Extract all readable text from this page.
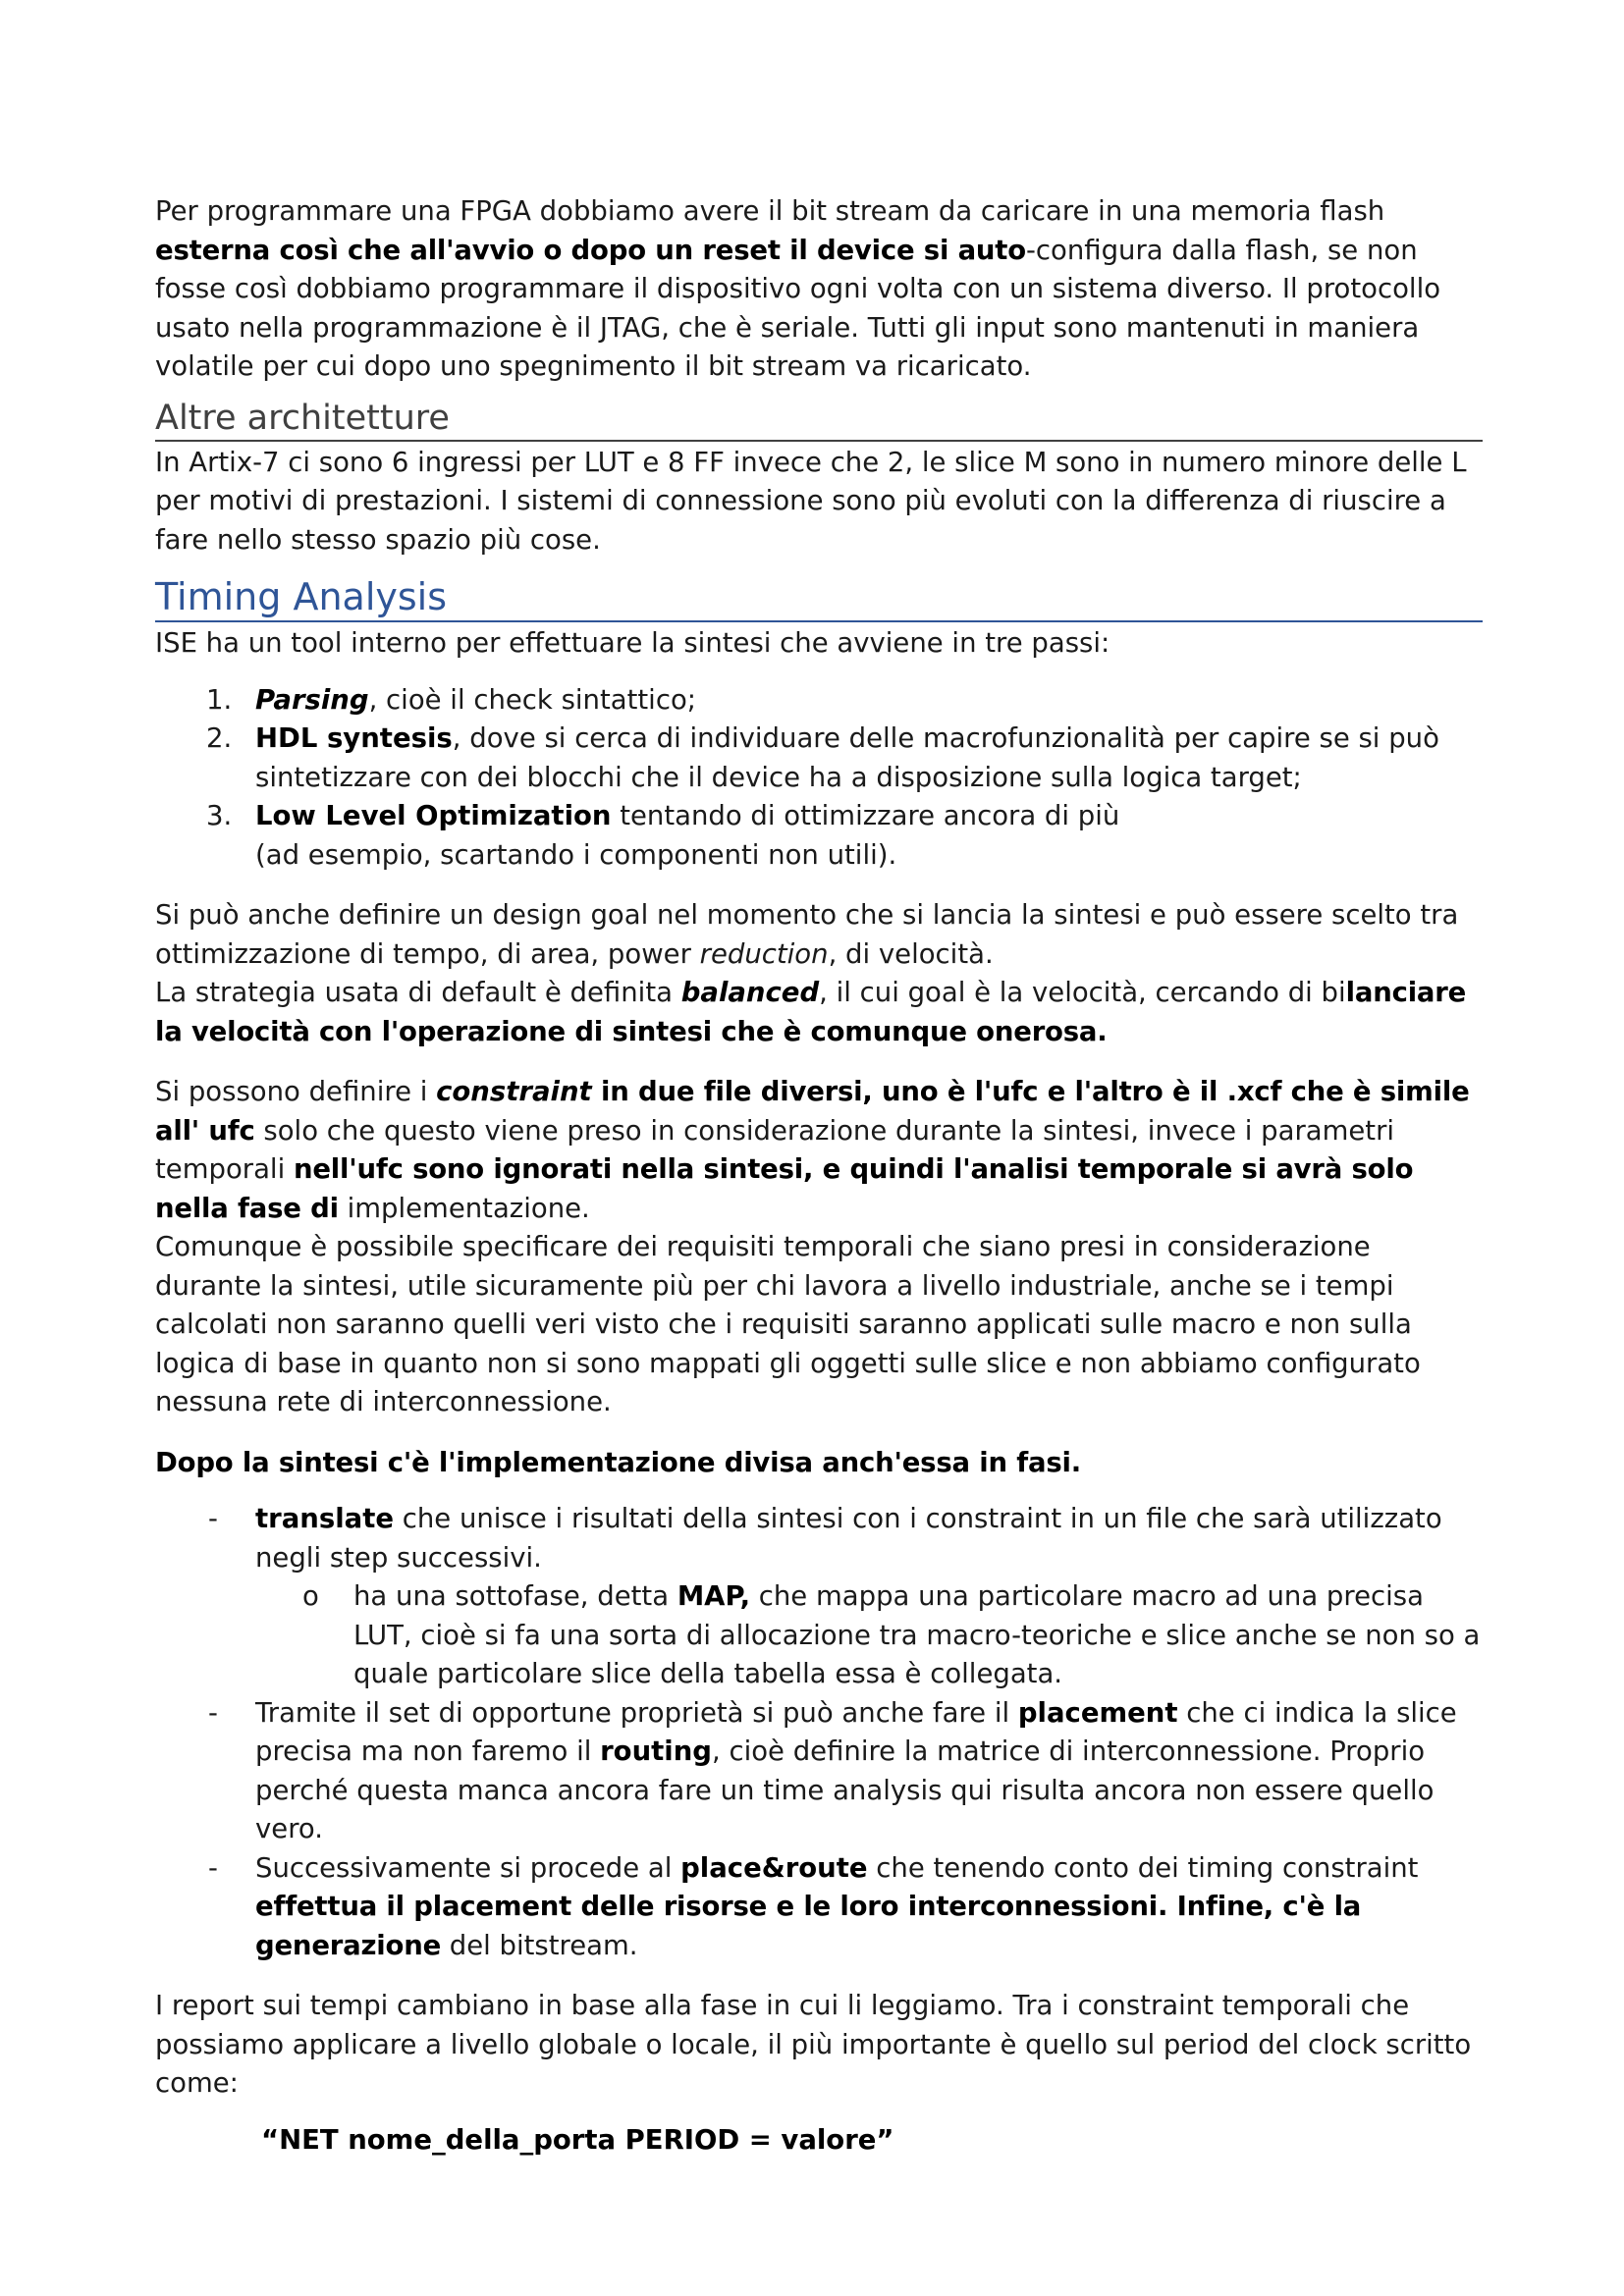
Per programmare una FPGA dobbiamo avere il bit stream da caricare in una memoria flash esterna così che all'avvio o dopo un reset il device si auto-configura dalla flash, se non fosse così dobbiamo programmare il dispositivo ogni volta con un sistema diverso. Il protocollo usato nella programmazione è il JTAG, che è seriale. Tutti gli input sono mantenuti in maniera volatile per cui dopo uno spegnimento il bit stream va ricaricato.

Altre architetture

In Artix-7 ci sono 6 ingressi per LUT e 8 FF invece che 2, le slice M sono in numero minore delle L per motivi di prestazioni. I sistemi di connessione sono più evoluti con la differenza di riuscire a fare nello stesso spazio più cose.

Timing Analysis

ISE ha un tool interno per effettuare la sintesi che avviene in tre passi:

1. Parsing, cioè il check sintattico;
2. HDL syntesis, dove si cerca di individuare delle macrofunzionalità per capire se si può sintetizzare con dei blocchi che il device ha a disposizione sulla logica target;
3. Low Level Optimization tentando di ottimizzare ancora di più
(ad esempio, scartando i componenti non utili).

Si può anche definire un design goal nel momento che si lancia la sintesi e può essere scelto tra ottimizzazione di tempo, di area, power reduction, di velocità.
La strategia usata di default è definita balanced, il cui goal è la velocità, cercando di bilanciare la velocità con l'operazione di sintesi che è comunque onerosa.

Si possono definire i constraint in due file diversi, uno è l'ufc e l'altro è il .xcf che è simile all' ufc solo che questo viene preso in considerazione durante la sintesi, invece i parametri temporali nell'ufc sono ignorati nella sintesi, e quindi l'analisi temporale si avrà solo nella fase di implementazione.
Comunque è possibile specificare dei requisiti temporali che siano presi in considerazione durante la sintesi, utile sicuramente più per chi lavora a livello industriale, anche se i tempi calcolati non saranno quelli veri visto che i requisiti saranno applicati sulle macro e non sulla logica di base in quanto non si sono mappati gli oggetti sulle slice e non abbiamo configurato nessuna rete di interconnessione.

Dopo la sintesi c'è l'implementazione divisa anch'essa in fasi.

- translate che unisce i risultati della sintesi con i constraint in un file che sarà utilizzato negli step successivi.
o ha una sottofase, detta MAP, che mappa una particolare macro ad una precisa LUT, cioè si fa una sorta di allocazione tra macro-teoriche e slice anche se non so a quale particolare slice della tabella essa è collegata.
- Tramite il set di opportune proprietà si può anche fare il placement che ci indica la slice precisa ma non faremo il routing, cioè definire la matrice di interconnessione. Proprio perché questa manca ancora fare un time analysis qui risulta ancora non essere quello vero.
- Successivamente si procede al place&route che tenendo conto dei timing constraint effettua il placement delle risorse e le loro interconnessioni. Infine, c'è la generazione del bitstream.

I report sui tempi cambiano in base alla fase in cui li leggiamo. Tra i constraint temporali che possiamo applicare a livello globale o locale, il più importante è quello sul period del clock scritto come:

“NET nome_della_porta PERIOD = valore”
